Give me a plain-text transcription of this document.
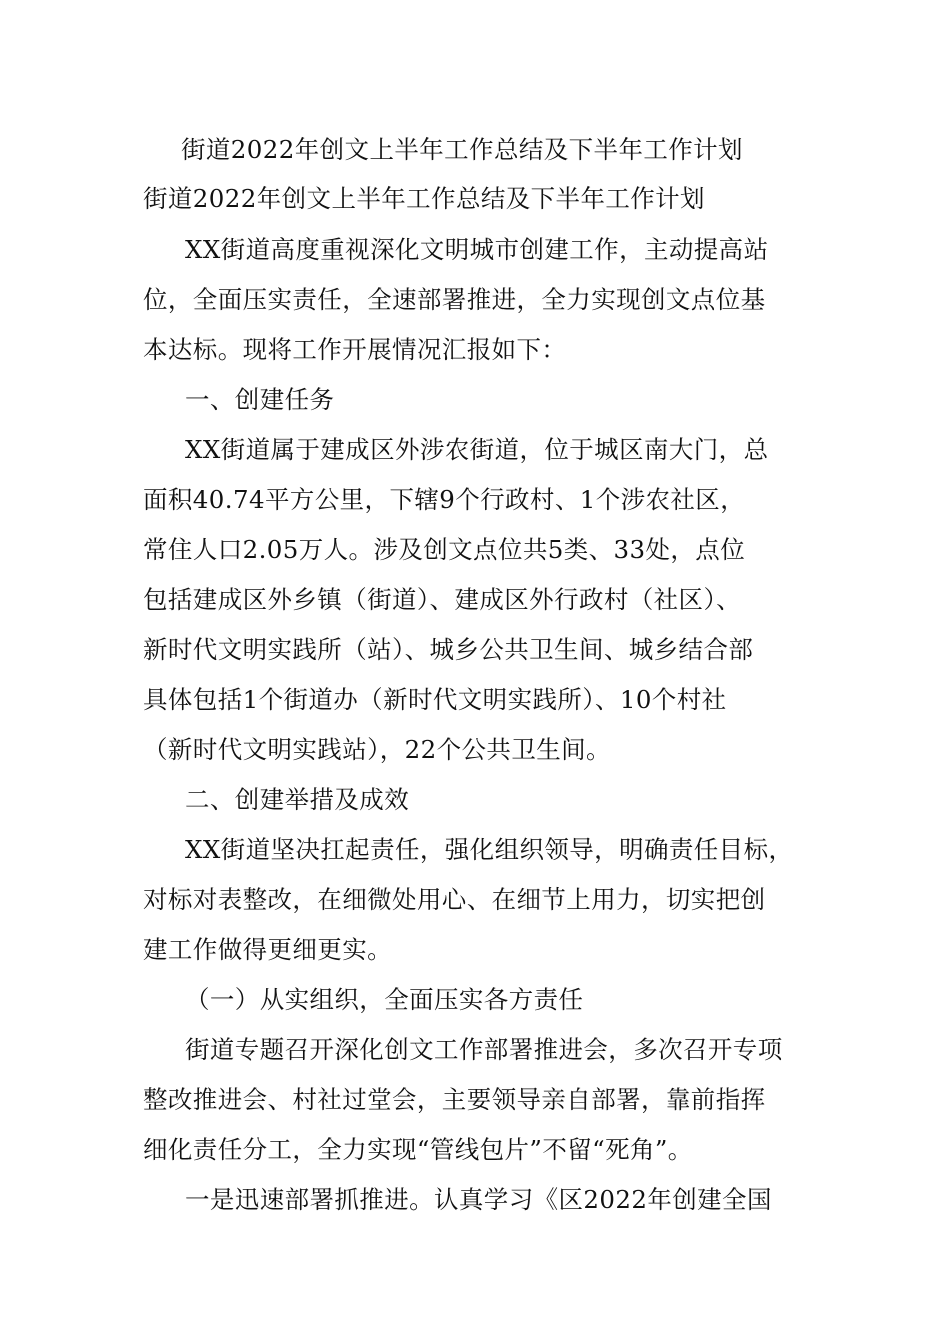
街道2022年创文上半年工作总结及下半年工作计划
街道2022年创文上半年工作总结及下半年工作计划
XX街道高度重视深化文明城市创建工作，主动提高站
位，全面压实责任，全速部署推进，全力实现创文点位基
本达标。现将工作开展情况汇报如下：
一、创建任务
XX街道属于建成区外涉农街道，位于城区南大门，总
面积40.74平方公里，下辖9个行政村、1个涉农社区，
常住人口2.05万人。涉及创文点位共5类、33处，点位
包括建成区外乡镇（街道）、建成区外行政村（社区）、
新时代文明实践所（站）、城乡公共卫生间、城乡结合部
具体包括1个街道办（新时代文明实践所）、10个村社
（新时代文明实践站），22个公共卫生间。
二、创建举措及成效
XX街道坚决扛起责任，强化组织领导，明确责任目标，
对标对表整改，在细微处用心、在细节上用力，切实把创
建工作做得更细更实。
（一）从实组织，全面压实各方责任
街道专题召开深化创文工作部署推进会，多次召开专项
整改推进会、村社过堂会，主要领导亲自部署，靠前指挥
细化责任分工，全力实现“管线包片”不留“死角”。
一是迅速部署抓推进。认真学习《区2022年创建全国
